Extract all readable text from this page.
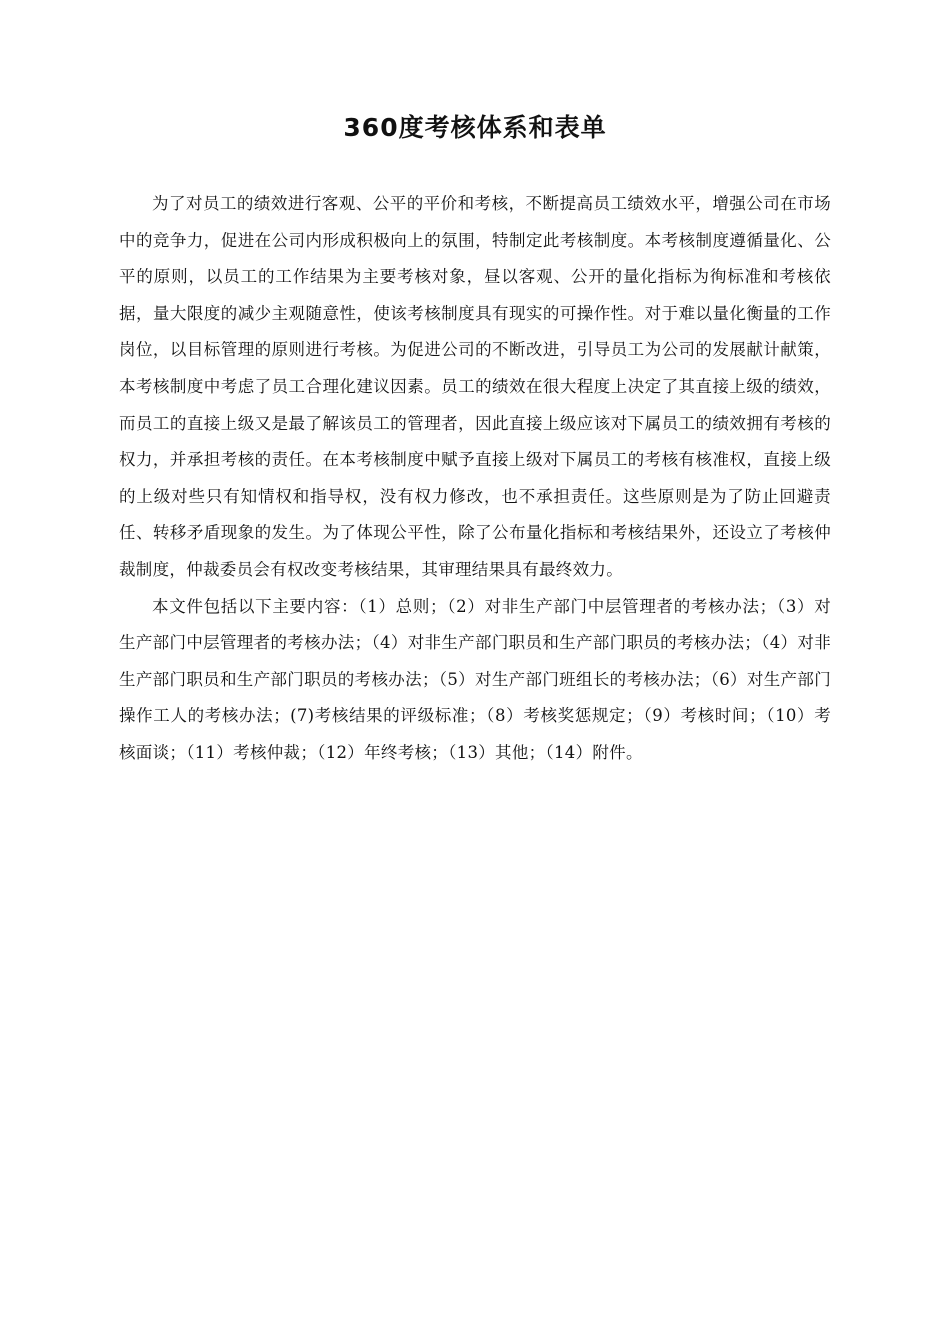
360度考核体系和表单

为了对员工的绩效进行客观、公平的平价和考核，不断提高员工绩效水平，增强公司在市场中的竞争力，促进在公司内形成积极向上的氛围，特制定此考核制度。本考核制度遵循量化、公平的原则，以员工的工作结果为主要考核对象，昼以客观、公开的量化指标为徇标准和考核依据，量大限度的减少主观随意性，使该考核制度具有现实的可操作性。对于难以量化衡量的工作岗位，以目标管理的原则进行考核。为促进公司的不断改进，引导员工为公司的发展献计献策，本考核制度中考虑了员工合理化建议因素。员工的绩效在很大程度上决定了其直接上级的绩效，而员工的直接上级又是最了解该员工的管理者，因此直接上级应该对下属员工的绩效拥有考核的权力，并承担考核的责任。在本考核制度中赋予直接上级对下属员工的考核有核准权，直接上级的上级对些只有知情权和指导权，没有权力修改，也不承担责任。这些原则是为了防止回避责任、转移矛盾现象的发生。为了体现公平性，除了公布量化指标和考核结果外，还设立了考核仲裁制度，仲裁委员会有权改变考核结果，其审理结果具有最终效力。

本文件包括以下主要内容：（1）总则；（2）对非生产部门中层管理者的考核办法；（3）对生产部门中层管理者的考核办法；（4）对非生产部门职员和生产部门职员的考核办法；（4）对非生产部门职员和生产部门职员的考核办法；（5）对生产部门班组长的考核办法；（6）对生产部门操作工人的考核办法；(7)考核结果的评级标准；（8）考核奖惩规定；（9）考核时间；（10）考核面谈；（11）考核仲裁；（12）年终考核；（13）其他；（14）附件。
